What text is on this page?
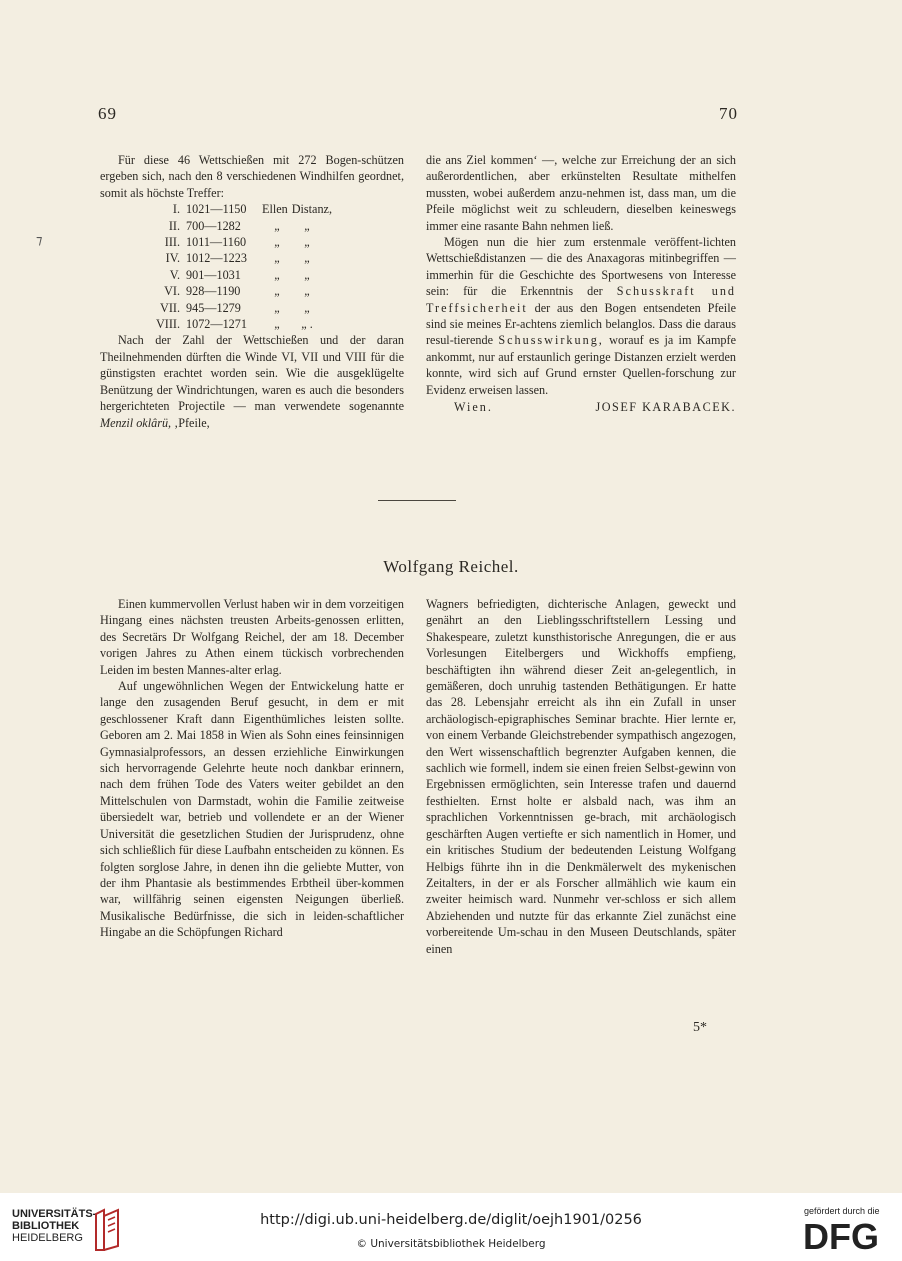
69	70
⁊

Für diese 46 Wettschießen mit 272 Bogen-schützen ergeben sich, nach den 8 verschiedenen Windhilfen geordnet, somit als höchste Treffer:

I. 1021—1150	Ellen Distanz,
II. 700—1282	„	„
III. 1011—1160	„	„
IV. 1012—1223	„	„
V. 901—1031	„	„
VI. 928—1190	„	„
VII. 945—1279	„	„
VIII. 1072—1271	„	„ .

Nach der Zahl der Wettschießen und der daran Theilnehmenden dürften die Winde VI, VII und VIII für die günstigsten erachtet worden sein. Wie die ausgeklügelte Benützung der Windrichtungen, waren es auch die besonders hergerichteten Projectile — man verwendete sogenannte Menzil oklârü, ‚Pfeile,

die ans Ziel kommen‘ —, welche zur Erreichung der an sich außerordentlichen, aber erkünstelten Resultate mithelfen mussten, wobei außerdem anzu-nehmen ist, dass man, um die Pfeile möglichst weit zu schleudern, dieselben keineswegs immer eine rasante Bahn nehmen ließ.

Mögen nun die hier zum erstenmale veröffent-lichten Wettschießdistanzen — die des Anaxagoras mitinbegriffen — immerhin für die Geschichte des Sportwesens von Interesse sein: für die Erkenntnis der Schusskraft und Treffsicherheit der aus den Bogen entsendeten Pfeile sind sie meines Er-achtens ziemlich belanglos. Dass die daraus resul-tierende Schusswirkung, worauf es ja im Kampfe ankommt, nur auf erstaunlich geringe Distanzen erzielt werden konnte, wird sich auf Grund ernster Quellen-forschung zur Evidenz erweisen lassen.

Wien.	JOSEF KARABACEK.
Wolfgang Reichel.

Einen kummervollen Verlust haben wir in dem vorzeitigen Hingang eines nächsten treusten Arbeits-genossen erlitten, des Secretärs Dr Wolfgang Reichel, der am 18. December vorigen Jahres zu Athen einem tückisch vorbrechenden Leiden im besten Mannes-alter erlag.

Auf ungewöhnlichen Wegen der Entwickelung hatte er lange den zusagenden Beruf gesucht, in dem er mit geschlossener Kraft dann Eigenthümliches leisten sollte. Geboren am 2. Mai 1858 in Wien als Sohn eines feinsinnigen Gymnasialprofessors, an dessen erziehliche Einwirkungen sich hervorragende Gelehrte heute noch dankbar erinnern, nach dem frühen Tode des Vaters weiter gebildet an den Mittelschulen von Darmstadt, wohin die Familie zeitweise übersiedelt war, betrieb und vollendete er an der Wiener Universität die gesetzlichen Studien der Jurisprudenz, ohne sich schließlich für diese Laufbahn entscheiden zu können. Es folgten sorglose Jahre, in denen ihn die geliebte Mutter, von der ihm Phantasie als bestimmendes Erbtheil über-kommen war, willfährig seinen eigensten Neigungen überließ. Musikalische Bedürfnisse, die sich in leiden-schaftlicher Hingabe an die Schöpfungen Richard

Wagners befriedigten, dichterische Anlagen, geweckt und genährt an den Lieblingsschriftstellern Lessing und Shakespeare, zuletzt kunsthistorische Anregungen, die er aus Vorlesungen Eitelbergers und Wickhoffs empfieng, beschäftigten ihn während dieser Zeit an-gelegentlich, in gemäßeren, doch unruhig tastenden Bethätigungen. Er hatte das 28. Lebensjahr erreicht als ihn ein Zufall in unser archäologisch-epigraphisches Seminar brachte. Hier lernte er, von einem Verbande Gleichstrebender sympathisch angezogen, den Wert wissenschaftlich begrenzter Aufgaben kennen, die sachlich wie formell, indem sie einen freien Selbst-gewinn von Ergebnissen ermöglichten, sein Interesse trafen und dauernd festhielten. Ernst holte er alsbald nach, was ihm an sprachlichen Vorkenntnissen ge-brach, mit archäologisch geschärften Augen vertiefte er sich namentlich in Homer, und ein kritisches Studium der bedeutenden Leistung Wolfgang Helbigs führte ihn in die Denkmälerwelt des mykenischen Zeitalters, in der er als Forscher allmählich wie kaum ein zweiter heimisch ward. Nunmehr ver-schloss er sich allem Abziehenden und nutzte für das erkannte Ziel zunächst eine vorbereitende Um-schau in den Museen Deutschlands, später einen

5*
UNIVERSITÄTS-
BIBLIOTHEK
HEIDELBERG
http://digi.ub.uni-heidelberg.de/diglit/oejh1901/0256
© Universitätsbibliothek Heidelberg
gefördert durch die
DFG
